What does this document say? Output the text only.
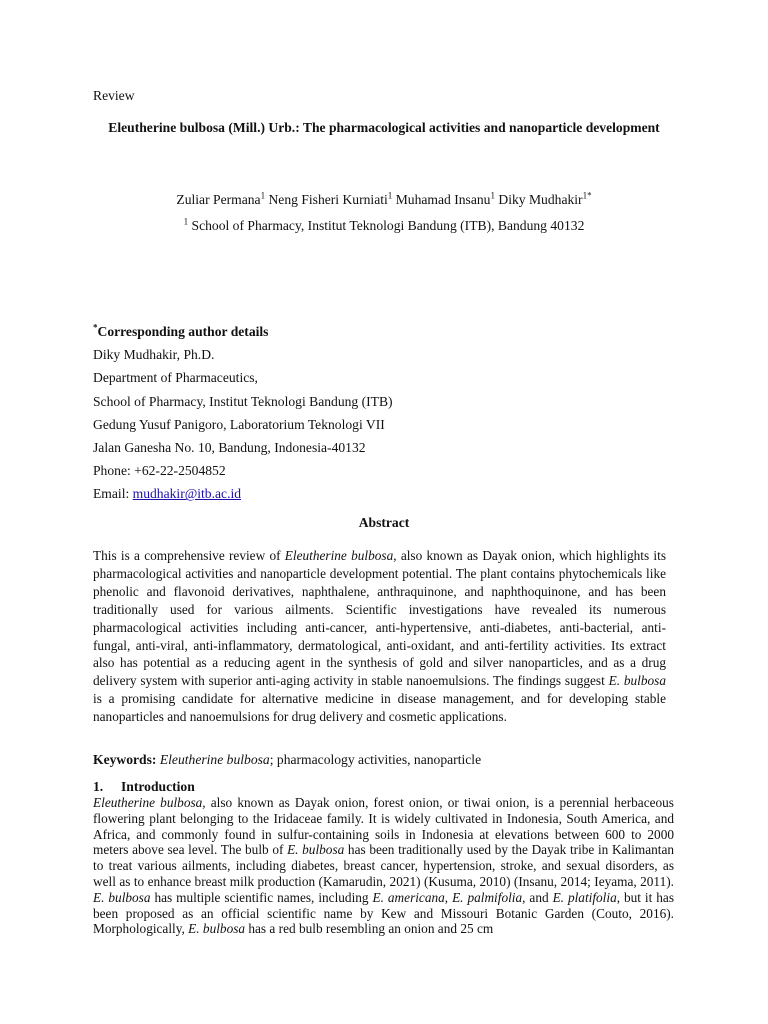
Review
Eleutherine bulbosa (Mill.) Urb.: The pharmacological activities and nanoparticle development
Zuliar Permana$^1$ Neng Fisheri Kurniati$^1$ Muhamad Insanu$^1$ Diky Mudhakir$^{1*}$
$^1$ School of Pharmacy, Institut Teknologi Bandung (ITB), Bandung 40132
*Corresponding author details
Diky Mudhakir, Ph.D.
Department of Pharmaceutics,
School of Pharmacy, Institut Teknologi Bandung (ITB)
Gedung Yusuf Panigoro, Laboratorium Teknologi VII
Jalan Ganesha No. 10, Bandung, Indonesia-40132
Phone: +62-22-2504852
Email: mudhakir@itb.ac.id
Abstract
This is a comprehensive review of Eleutherine bulbosa, also known as Dayak onion, which highlights its pharmacological activities and nanoparticle development potential. The plant contains phytochemicals like phenolic and flavonoid derivatives, naphthalene, anthraquinone, and naphthoquinone, and has been traditionally used for various ailments. Scientific investigations have revealed its numerous pharmacological activities including anti-cancer, anti-hypertensive, anti-diabetes, anti-bacterial, anti-fungal, anti-viral, anti-inflammatory, dermatological, anti-oxidant, and anti-fertility activities. Its extract also has potential as a reducing agent in the synthesis of gold and silver nanoparticles, and as a drug delivery system with superior anti-aging activity in stable nanoemulsions. The findings suggest E. bulbosa is a promising candidate for alternative medicine in disease management, and for developing stable nanoparticles and nanoemulsions for drug delivery and cosmetic applications.
Keywords: Eleutherine bulbosa; pharmacology activities, nanoparticle
1. Introduction
Eleutherine bulbosa, also known as Dayak onion, forest onion, or tiwai onion, is a perennial herbaceous flowering plant belonging to the Iridaceae family. It is widely cultivated in Indonesia, South America, and Africa, and commonly found in sulfur-containing soils in Indonesia at elevations between 600 to 2000 meters above sea level. The bulb of E. bulbosa has been traditionally used by the Dayak tribe in Kalimantan to treat various ailments, including diabetes, breast cancer, hypertension, stroke, and sexual disorders, as well as to enhance breast milk production (Kamarudin, 2021) (Kusuma, 2010) (Insanu, 2014; Ieyama, 2011). E. bulbosa has multiple scientific names, including E. americana, E. palmifolia, and E. platifolia, but it has been proposed as an official scientific name by Kew and Missouri Botanic Garden (Couto, 2016). Morphologically, E. bulbosa has a red bulb resembling an onion and 25 cm
